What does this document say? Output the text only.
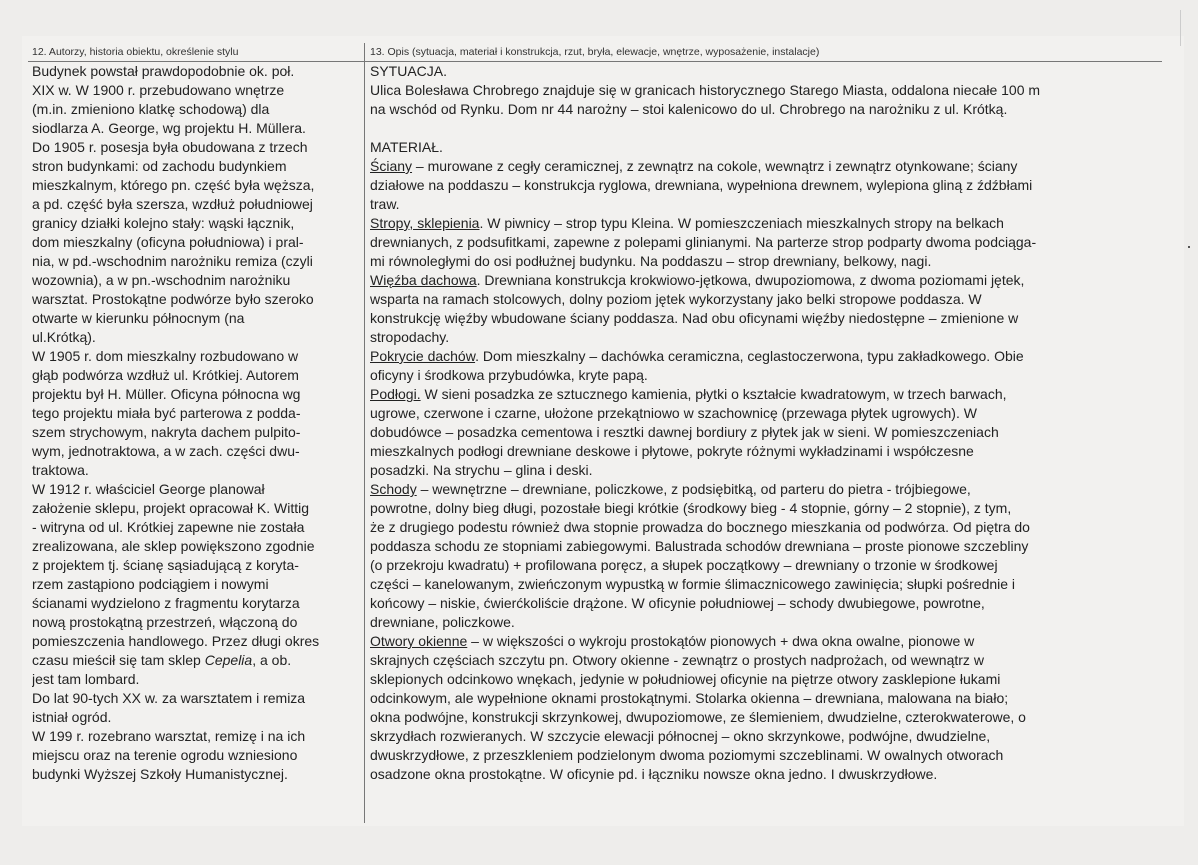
12. Autorzy, historia obiektu, określenie stylu	13. Opis (sytuacja, materiał i konstrukcja, rzut, bryła, elewacje, wnętrze, wyposażenie, instalacje)
Budynek powstał prawdopodobnie ok. poł.
XIX w. W 1900 r. przebudowano wnętrze
(m.in. zmieniono klatkę schodową) dla
siodlarza A. George, wg projektu H. Müllera.
Do 1905 r. posesja była obudowana z trzech
stron budynkami: od zachodu budynkiem
mieszkalnym, którego pn. część była węższa,
a pd. część była szersza, wzdłuż południowej
granicy działki kolejno stały: wąski łącznik,
dom mieszkalny (oficyna południowa) i pral-
nia, w pd.-wschodnim narożniku remiza (czyli
wozownia), a w pn.-wschodnim narożniku
warsztat. Prostokątne podwórze było szeroko
otwarte w kierunku północnym (na
ul.Krótką).
W 1905 r. dom mieszkalny rozbudowano w
głąb podwórza wzdłuż ul. Krótkiej. Autorem
projektu był H. Müller. Oficyna północna wg
tego projektu miała być parterowa z podda-
szem strychowym, nakryta dachem pulpito-
wym, jednotraktowa, a w zach. części dwu-
traktowa.
W 1912 r. właściciel George planował
założenie sklepu, projekt opracował K. Wittig
- witryna od ul. Krótkiej zapewne nie została
zrealizowana, ale sklep powiększono zgodnie
z projektem tj. ścianę sąsiadującą z koryta-
rzem zastąpiono podciągiem i nowymi
ścianami wydzielono z fragmentu korytarza
nową prostokątną przestrzeń, włączoną do
pomieszczenia handlowego. Przez długi okres
czasu mieścił się tam sklep Cepelia, a ob.
jest tam lombard.
Do lat 90-tych XX w. za warsztatem i remiza
istniał ogród.
W 199 r. rozebrano warsztat, remizę i na ich
miejscu oraz na terenie ogrodu wzniesiono
budynki Wyższej Szkoły Humanistycznej.
SYTUACJA.
Ulica Bolesława Chrobrego znajduje się w granicach historycznego Starego Miasta, oddalona niecałe 100 m
na wschód od Rynku. Dom nr 44 narożny – stoi kalenicowo do ul. Chrobrego na narożniku z ul. Krótką.
MATERIAŁ.
Ściany – murowane z cegły ceramicznej, z zewnątrz na cokole, wewnątrz i zewnątrz otynkowane; ściany
działowe na poddaszu – konstrukcja ryglowa, drewniana, wypełniona drewnem, wylepiona gliną z źdźbłami
traw.
Stropy, sklepienia. W piwnicy – strop typu Kleina. W pomieszczeniach mieszkalnych stropy na belkach
drewnianych, z podsufitkami, zapewne z polepami glinianymi. Na parterze strop podparty dwoma podciąga-
mi równoległymi do osi podłużnej budynku. Na poddaszu – strop drewniany, belkowy, nagi.
Więźba dachowa. Drewniana konstrukcja krokwiowo-jętkowa, dwupoziomowa, z dwoma poziomami jętek,
wsparta na ramach stolcowych, dolny poziom jętek wykorzystany jako belki stropowe poddasza. W
konstrukcję więźby wbudowane ściany poddasza. Nad obu oficynami więźby niedostępne – zmienione w
stropodachy.
Pokrycie dachów. Dom mieszkalny – dachówka ceramiczna, ceglastoczerwona, typu zakładkowego. Obie
oficyny i środkowa przybudówka, kryte papą.
Podłogi. W sieni posadzka ze sztucznego kamienia, płytki o kształcie kwadratowym, w trzech barwach,
ugrowe, czerwone i czarne, ułożone przekątniowo w szachownicę (przewaga płytek ugrowych). W
dobudówce – posadzka cementowa i resztki dawnej bordiury z płytek jak w sieni. W pomieszczeniach
mieszkalnych podłogi drewniane deskowe i płytowe, pokryte różnymi wykładzinami i współczesne
posadzki. Na strychu – glina i deski.
Schody – wewnętrzne – drewniane, policzkowe, z podsiębitką, od parteru do pietra - trójbiegowe,
powrotne, dolny bieg długi, pozostałe biegi krótkie (środkowy bieg - 4 stopnie, górny – 2 stopnie), z tym,
że z drugiego podestu również dwa stopnie prowadza do bocznego mieszkania od podwórza. Od piętra do
poddasza schodu ze stopniami zabiegowymi. Balustrada schodów drewniana – proste pionowe szczebliny
(o przekroju kwadratu) + profilowana poręcz, a słupek początkowy – drewniany o trzonie w środkowej
części – kanelowanym, zwieńczonym wypustką w formie ślimacznicowego zawinięcia; słupki pośrednie i
końcowy – niskie, ćwierćkoliście drążone. W oficynie południowej – schody dwubiegowe, powrotne,
drewniane, policzkowe.
Otwory okienne – w większości o wykroju prostokątów pionowych + dwa okna owalne, pionowe w
skrajnych częściach szczytu pn. Otwory okienne - zewnątrz o prostych nadprożach, od wewnątrz w
sklepionych odcinkowo wnękach, jedynie w południowej oficynie na piętrze otwory zasklepione łukami
odcinkowym, ale wypełnione oknami prostokątnymi. Stolarka okienna – drewniana, malowana na biało;
okna podwójne, konstrukcji skrzynkowej, dwupoziomowe, ze ślemieniem, dwudzielne, czterokwaterowe, o
skrzydłach rozwieranych. W szczycie elewacji północnej – okno skrzynkowe, podwójne, dwudzielne,
dwuskrzydłowe, z przeszkleniem podzielonym dwoma poziomymi szczeblinami. W owalnych otworach
osadzone okna prostokątne. W oficynie pd. i łączniku nowsze okna jedno. I dwuskrzydłowe.
